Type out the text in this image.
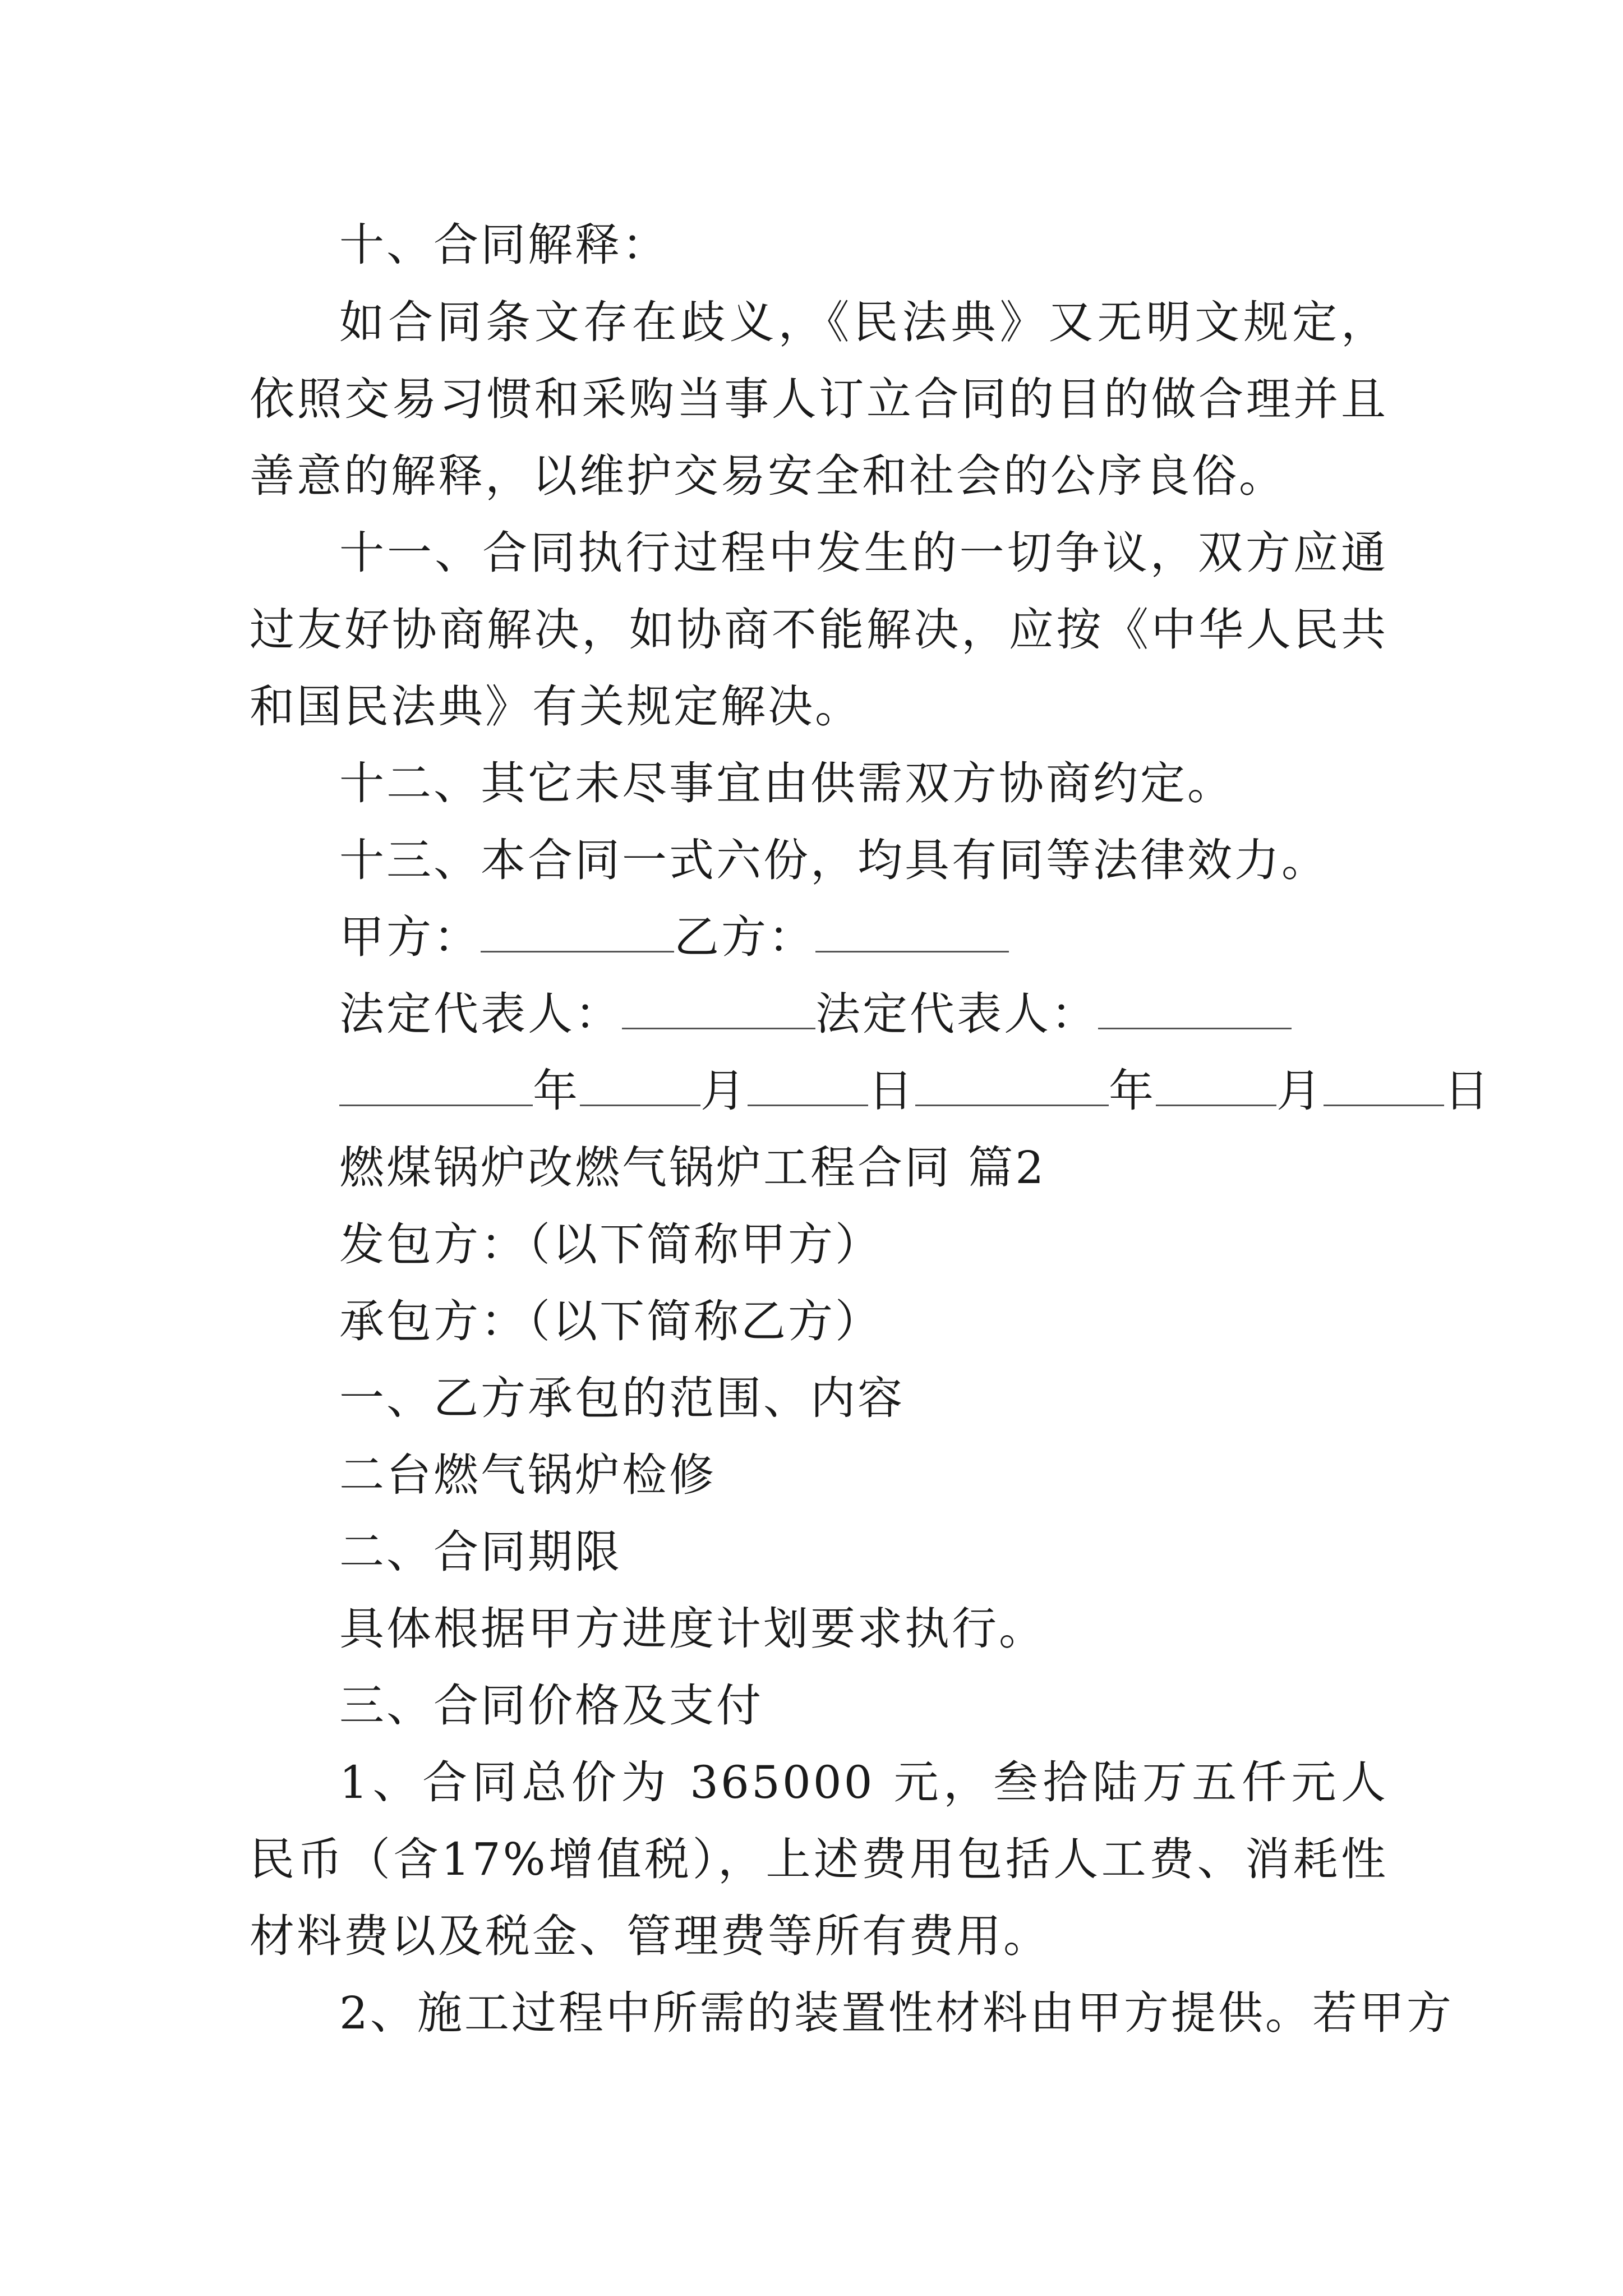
十、合同解释：

如合同条文存在歧义，《民法典》又无明文规定，依照交易习惯和采购当事人订立合同的目的做合理并且善意的解释，以维护交易安全和社会的公序良俗。

十一、合同执行过程中发生的一切争议，双方应通过友好协商解决，如协商不能解决，应按《中华人民共和国民法典》有关规定解决。

十二、其它未尽事宜由供需双方协商约定。

十三、本合同一式六份，均具有同等法律效力。

甲方：	乙方：

法定代表人：	法定代表人：

年	月	日	年	月	日

燃煤锅炉改燃气锅炉工程合同 篇2

发包方：（以下简称甲方）

承包方：（以下简称乙方）

一、乙方承包的范围、内容

二台燃气锅炉检修

二、合同期限

具体根据甲方进度计划要求执行。

三、合同价格及支付

1、合同总价为 365000 元，叁拾陆万五仟元人民币（含17%增值税），上述费用包括人工费、消耗性材料费以及税金、管理费等所有费用。

2、施工过程中所需的装置性材料由甲方提供。若甲方
